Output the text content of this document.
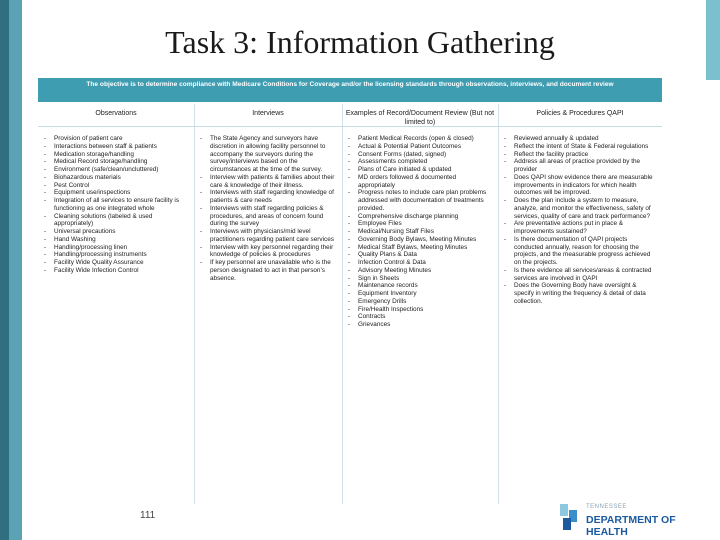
Task 3: Information Gathering
The objective is to determine compliance with Medicare Conditions for Coverage and/or the licensing standards through observations, interviews, and document review
Observations
- Provision of patient care
- Interactions between staff & patients
- Medication storage/handling
- Medical Record storage/handling
- Environment (safe/clean/uncluttered)
- Biohazardous materials
- Pest Control
- Equipment use/inspections
- Integration of all services to ensure facility is functioning as one integrated whole
- Cleaning solutions (labeled & used appropriately)
- Universal precautions
- Hand Washing
- Handling/processing linen
- Handling/processing instruments
- Facility Wide Quality Assurance
- Facility Wide Infection Control
Interviews
- The State Agency and surveyors have discretion in allowing facility personnel to accompany the surveyors during the survey/interviews based on the circumstances at the time of the survey.
- Interview with patients & families about their care & knowledge of their illness.
- Interviews with staff regarding knowledge of patients & care needs
- Interviews with staff regarding policies & procedures, and areas of concern found during the survey
- Interviews with physicians/mid level practitioners regarding patient care services
- Interview with key personnel regarding their knowledge of policies & procedures
- If key personnel are unavailable who is the person designated to act in that person’s absence.
Examples of Record/Document Review (But not limited to)
- Patient Medical Records (open & closed)
- Actual & Potential Patient Outcomes
- Consent Forms (dated, signed)
- Assessments completed
- Plans of Care initiated & updated
- MD orders followed & documented appropriately
- Progress notes to include care plan problems addressed with documentation of treatments provided.
- Comprehensive discharge planning
- Employee Files
- Medical/Nursing Staff Files
- Governing Body Bylaws, Meeting Minutes
- Medical Staff Bylaws, Meeting Minutes
- Quality Plans & Data
- Infection Control & Data
- Advisory Meeting Minutes
- Sign in Sheets
- Maintenance records
- Equipment Inventory
- Emergency Drills
- Fire/Health Inspections
- Contracts
- Grievances
Policies & Procedures QAPI
- Reviewed annually & updated
- Reflect the intent of State & Federal regulations
- Reflect the facility practice
- Address all areas of practice provided by the provider
- Does QAPI show evidence there are measurable improvements in indicators for which health outcomes will be improved.
- Does the plan include a system to measure, analyze, and monitor the effectiveness, safety of services, quality of care and track performance?
- Are preventative actions put in place & improvements sustained?
- Is there documentation of QAPI projects conducted annually, reason for choosing the projects, and the measurable progress achieved on the projects.
- Is there evidence all services/areas & contracted services are involved in QAPI
- Does the Governing Body have oversight & specify in writing the frequency & detail of data collection.
111
TENNESSEE
DEPARTMENT OF HEALTH
